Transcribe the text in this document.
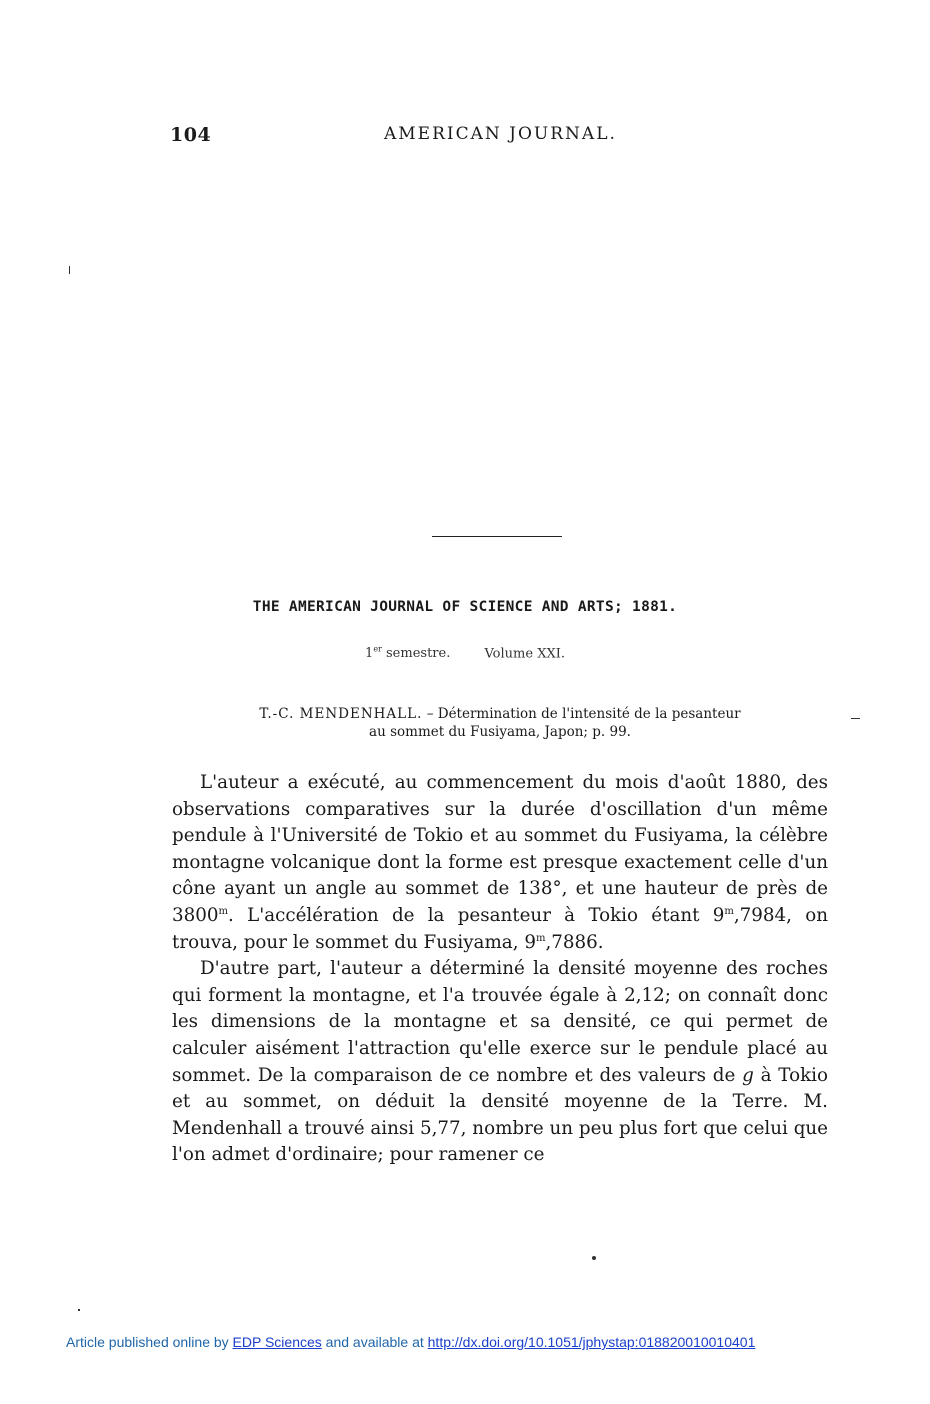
104	AMERICAN JOURNAL.
THE AMERICAN JOURNAL OF SCIENCE AND ARTS; 1881.
1er semestre.	Volume XXI.
T.-C. MENDENHALL. – Détermination de l'intensité de la pesanteur
au sommet du Fusiyama, Japon; p. 99.

L'auteur a exécuté, au commencement du mois d'août 1880, des observations comparatives sur la durée d'oscillation d'un même pendule à l'Université de Tokio et au sommet du Fusiyama, la célèbre montagne volcanique dont la forme est presque exactement celle d'un cône ayant un angle au sommet de 138°, et une hauteur de près de 3800$^m$. L'accélération de la pesanteur à Tokio étant 9$^m$,7984, on trouva, pour le sommet du Fusiyama, 9$^m$,7886.

D'autre part, l'auteur a déterminé la densité moyenne des roches qui forment la montagne, et l'a trouvée égale à 2,12; on connaît donc les dimensions de la montagne et sa densité, ce qui permet de calculer aisément l'attraction qu'elle exerce sur le pendule placé au sommet. De la comparaison de ce nombre et des valeurs de g à Tokio et au sommet, on déduit la densité moyenne de la Terre. M. Mendenhall a trouvé ainsi 5,77, nombre un peu plus fort que celui que l'on admet d'ordinaire; pour ramener ce

Article published online by EDP Sciences and available at http://dx.doi.org/10.1051/jphystap:018820010010401
